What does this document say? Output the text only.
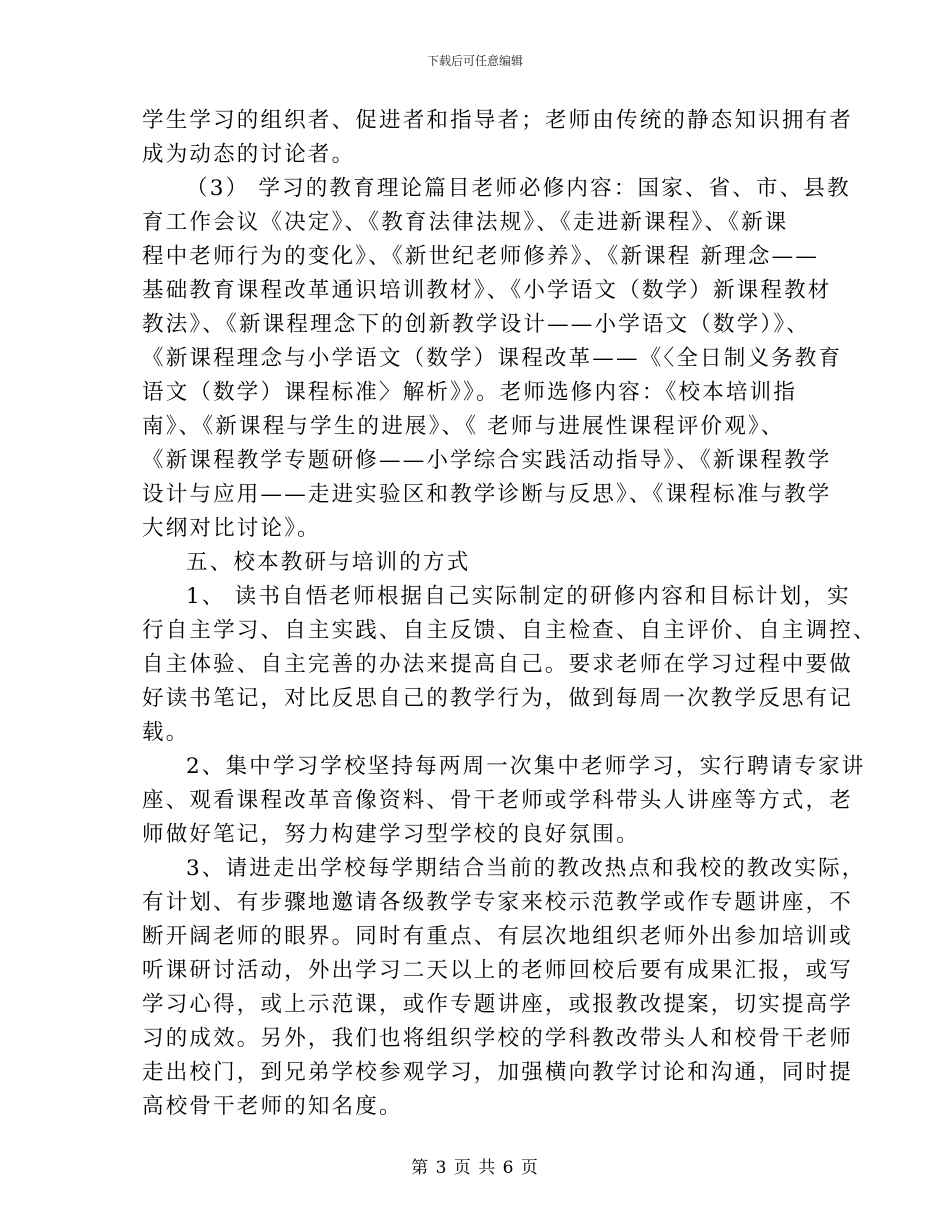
下载后可任意编辑
学生学习的组织者、促进者和指导者；老师由传统的静态知识拥有者
成为动态的讨论者。
（3） 学习的教育理论篇目老师必修内容：国家、省、市、县教
育工作会议《决定》、《教育法律法规》、《走进新课程》、《新课
程中老师行为的变化》、《新世纪老师修养》、《新课程 新理念——
基础教育课程改革通识培训教材》、《小学语文（数学）新课程教材
教法》、《新课程理念下的创新教学设计——小学语文（数学）》、
《新课程理念与小学语文（数学）课程改革——《〈全日制义务教育
语文（数学）课程标准〉解析》》。老师选修内容：《校本培训指
南》、《新课程与学生的进展》、《 老师与进展性课程评价观》、
《新课程教学专题研修——小学综合实践活动指导》、《新课程教学
设计与应用——走进实验区和教学诊断与反思》、《课程标准与教学
大纲对比讨论》。
五、校本教研与培训的方式
1、 读书自悟老师根据自己实际制定的研修内容和目标计划，实
行自主学习、自主实践、自主反馈、自主检查、自主评价、自主调控、
自主体验、自主完善的办法来提高自己。要求老师在学习过程中要做
好读书笔记，对比反思自己的教学行为，做到每周一次教学反思有记
载。
2、集中学习学校坚持每两周一次集中老师学习，实行聘请专家讲
座、观看课程改革音像资料、骨干老师或学科带头人讲座等方式，老
师做好笔记，努力构建学习型学校的良好氛围。
3、请进走出学校每学期结合当前的教改热点和我校的教改实际，
有计划、有步骤地邀请各级教学专家来校示范教学或作专题讲座，不
断开阔老师的眼界。同时有重点、有层次地组织老师外出参加培训或
听课研讨活动，外出学习二天以上的老师回校后要有成果汇报，或写
学习心得，或上示范课，或作专题讲座，或报教改提案，切实提高学
习的成效。另外，我们也将组织学校的学科教改带头人和校骨干老师
走出校门，到兄弟学校参观学习，加强横向教学讨论和沟通，同时提
高校骨干老师的知名度。
第 3 页 共 6 页
